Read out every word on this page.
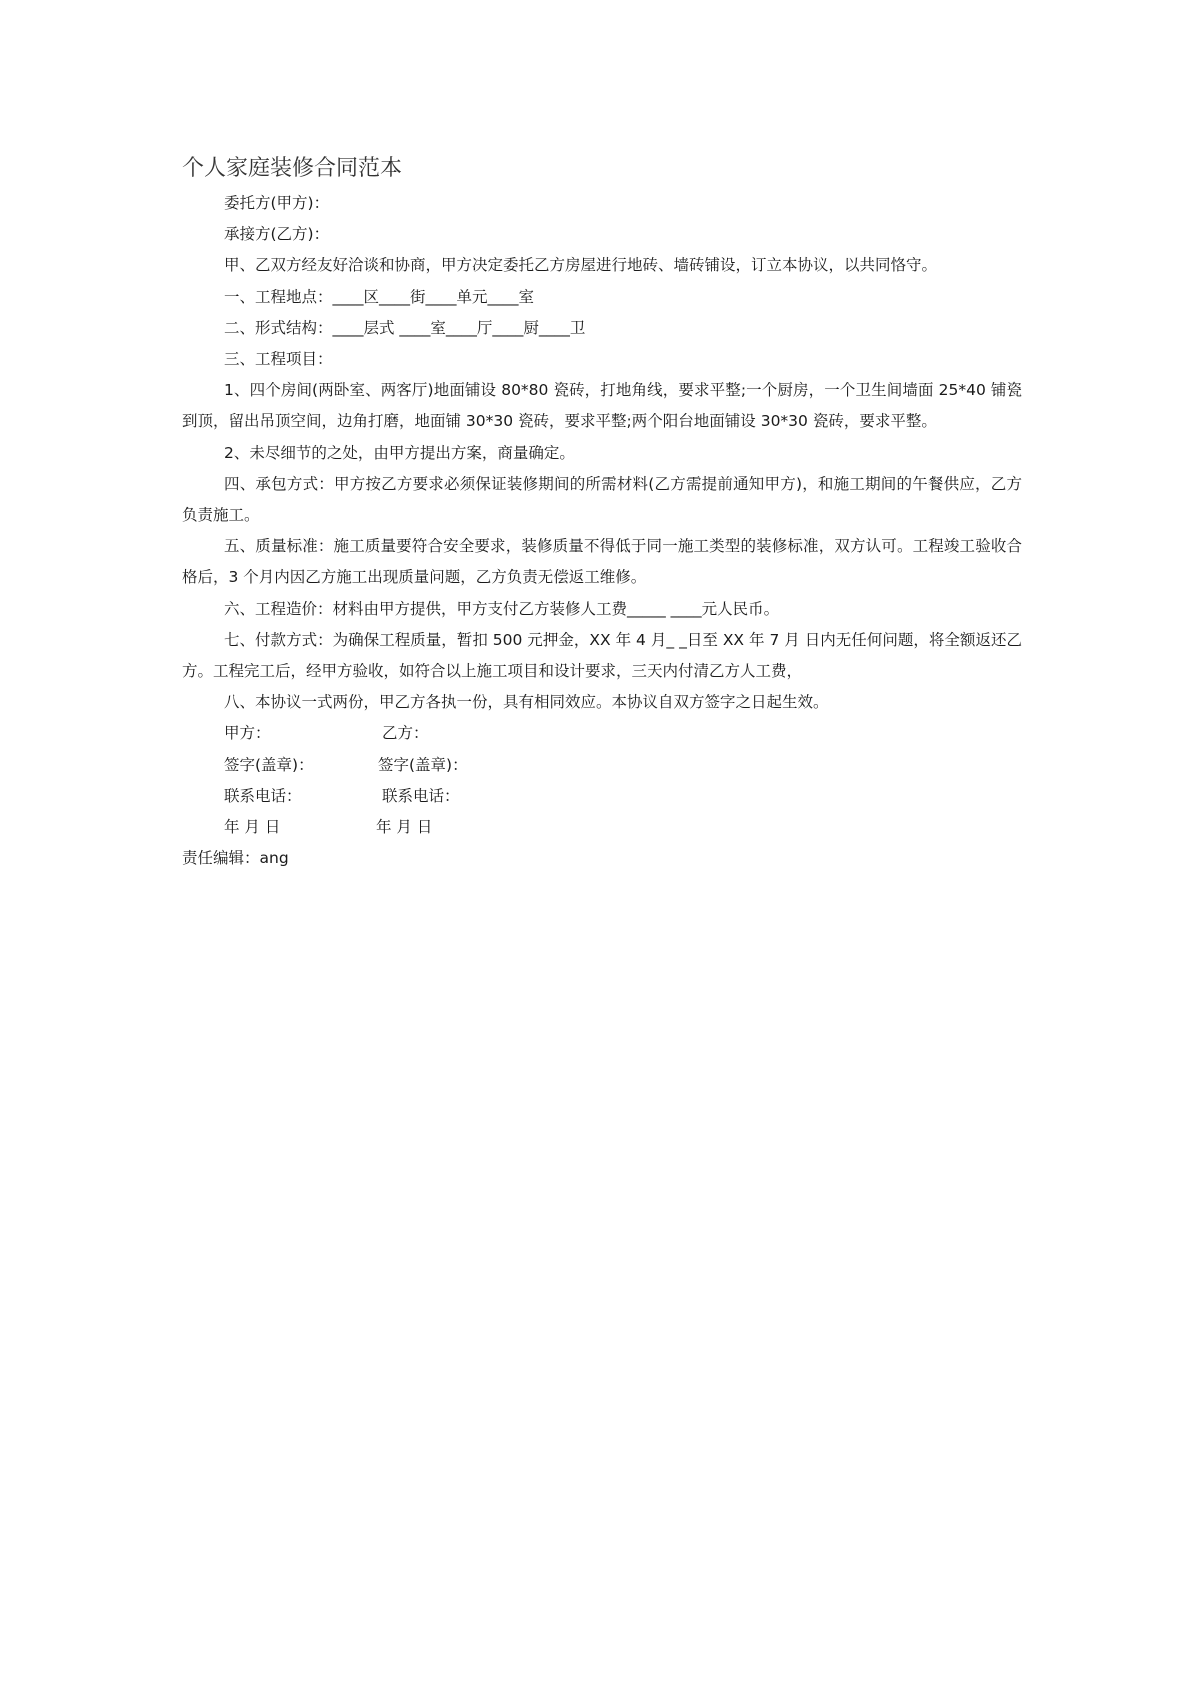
个人家庭装修合同范本

委托方(甲方)：

承接方(乙方)：

甲、乙双方经友好洽谈和协商，甲方决定委托乙方房屋进行地砖、墙砖铺设，订立本协议，以共同恪守。

一、工程地点：____区____街____单元____室

二、形式结构：____层式 ____室____厅____厨____卫

三、工程项目：

1、四个房间(两卧室、两客厅)地面铺设 80*80 瓷砖，打地角线，要求平整;一个厨房，一个卫生间墙面 25*40 铺瓷到顶，留出吊顶空间，边角打磨，地面铺 30*30 瓷砖，要求平整;两个阳台地面铺设 30*30 瓷砖，要求平整。

2、未尽细节的之处，由甲方提出方案，商量确定。

四、承包方式：甲方按乙方要求必须保证装修期间的所需材料(乙方需提前通知甲方)，和施工期间的午餐供应，乙方负责施工。

五、质量标准：施工质量要符合安全要求，装修质量不得低于同一施工类型的装修标准，双方认可。工程竣工验收合格后，3 个月内因乙方施工出现质量问题，乙方负责无偿返工维修。

六、工程造价：材料由甲方提供，甲方支付乙方装修人工费_____ ____元人民币。

七、付款方式：为确保工程质量，暂扣 500 元押金，XX 年 4 月_ _日至 XX 年 7 月 日内无任何问题，将全额返还乙方。工程完工后，经甲方验收，如符合以上施工项目和设计要求，三天内付清乙方人工费，

八、本协议一式两份，甲乙方各执一份，具有相同效应。本协议自双方签字之日起生效。

甲方：	乙方：
签字(盖章)：	签字(盖章)：
联系电话：	联系电话：
年 月 日	年 月 日

责任编辑：ang
